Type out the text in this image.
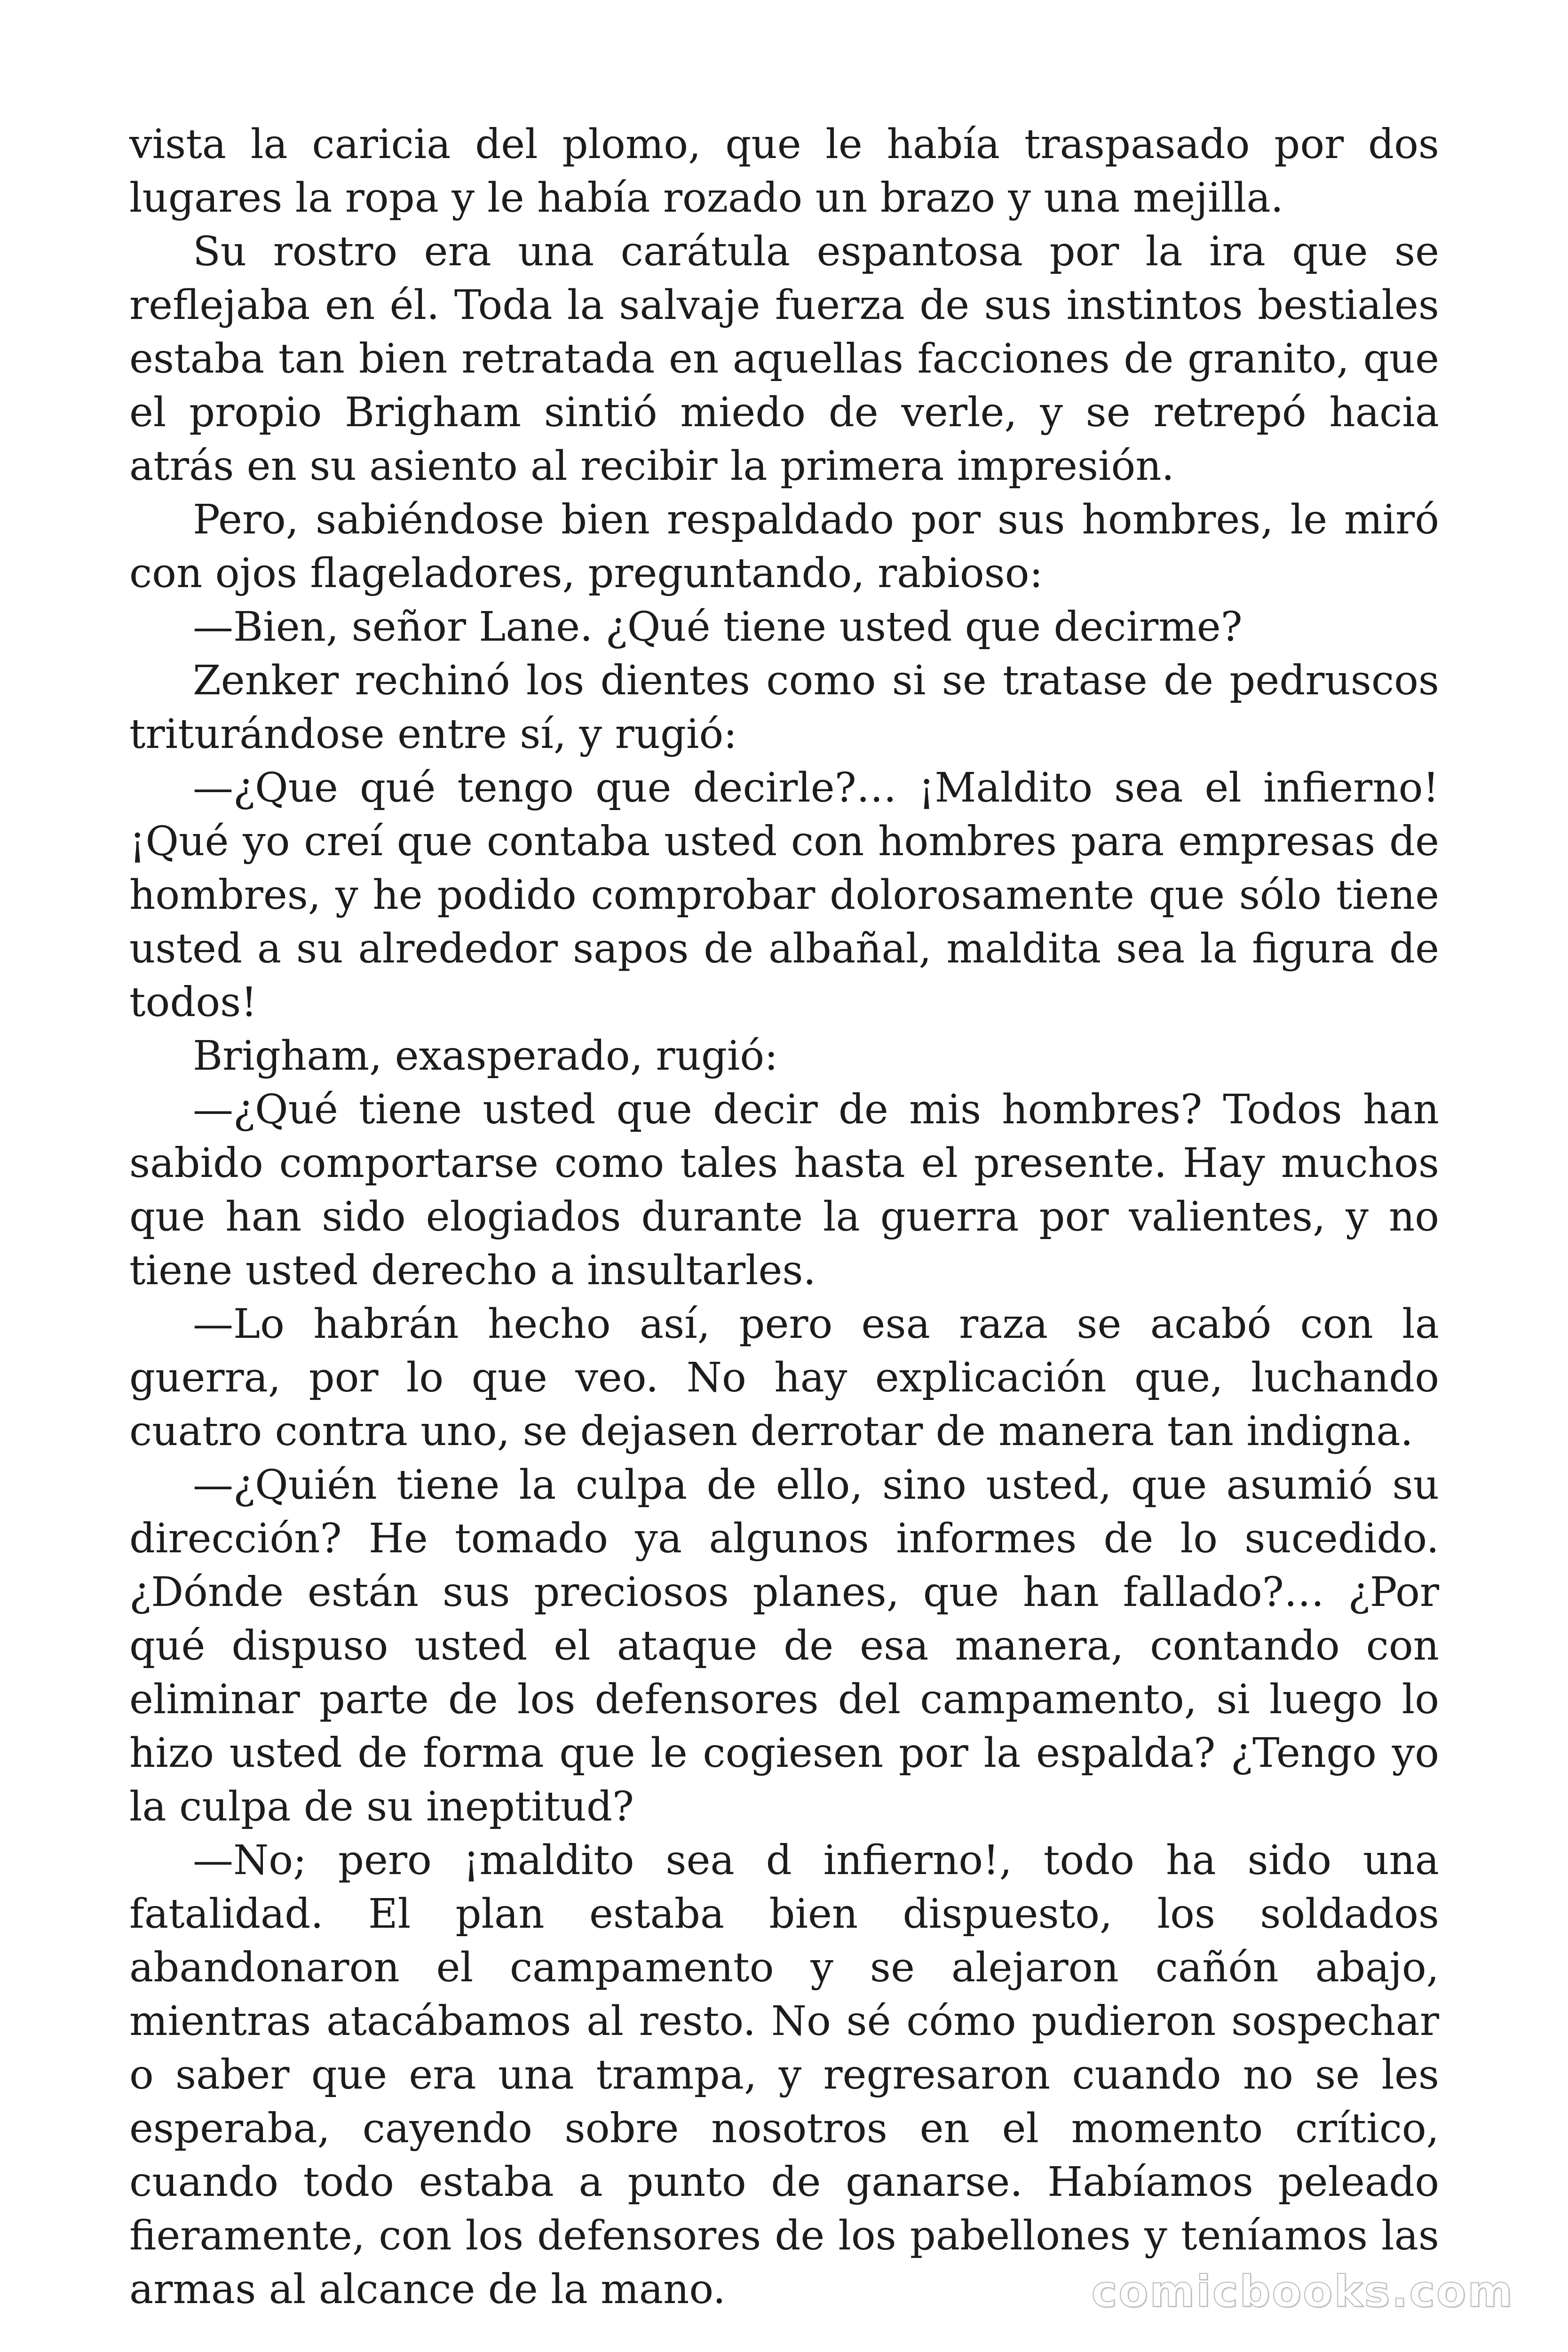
vista la caricia del plomo, que le había traspasado por dos lugares la ropa y le había rozado un brazo y una mejilla.

Su rostro era una carátula espantosa por la ira que se reflejaba en él. Toda la salvaje fuerza de sus instintos bestiales estaba tan bien retratada en aquellas facciones de granito, que el propio Brigham sintió miedo de verle, y se retrepó hacia atrás en su asiento al recibir la primera impresión.

Pero, sabiéndose bien respaldado por sus hombres, le miró con ojos flageladores, preguntando, rabioso:

—Bien, señor Lane. ¿Qué tiene usted que decirme?

Zenker rechinó los dientes como si se tratase de pedruscos triturándose entre sí, y rugió:

—¿Que qué tengo que decirle?… ¡Maldito sea el infierno! ¡Qué yo creí que contaba usted con hombres para empresas de hombres, y he podido comprobar dolorosamente que sólo tiene usted a su alrededor sapos de albañal, maldita sea la figura de todos!

Brigham, exasperado, rugió:

—¿Qué tiene usted que decir de mis hombres? Todos han sabido comportarse como tales hasta el presente. Hay muchos que han sido elogiados durante la guerra por valientes, y no tiene usted derecho a insultarles.

—Lo habrán hecho así, pero esa raza se acabó con la guerra, por lo que veo. No hay explicación que, luchando cuatro contra uno, se dejasen derrotar de manera tan indigna.

—¿Quién tiene la culpa de ello, sino usted, que asumió su dirección? He tomado ya algunos informes de lo sucedido. ¿Dónde están sus preciosos planes, que han fallado?… ¿Por qué dispuso usted el ataque de esa manera, contando con eliminar parte de los defensores del campamento, si luego lo hizo usted de forma que le cogiesen por la espalda? ¿Tengo yo la culpa de su ineptitud?

—No; pero ¡maldito sea d infierno!, todo ha sido una fatalidad. El plan estaba bien dispuesto, los soldados abandonaron el campamento y se alejaron cañón abajo, mientras atacábamos al resto. No sé cómo pudieron sospechar o saber que era una trampa, y regresaron cuando no se les esperaba, cayendo sobre nosotros en el momento crítico, cuando todo estaba a punto de ganarse. Habíamos peleado fieramente, con los defensores de los pabellones y teníamos las armas al alcance de la mano.	comicbooks.com
